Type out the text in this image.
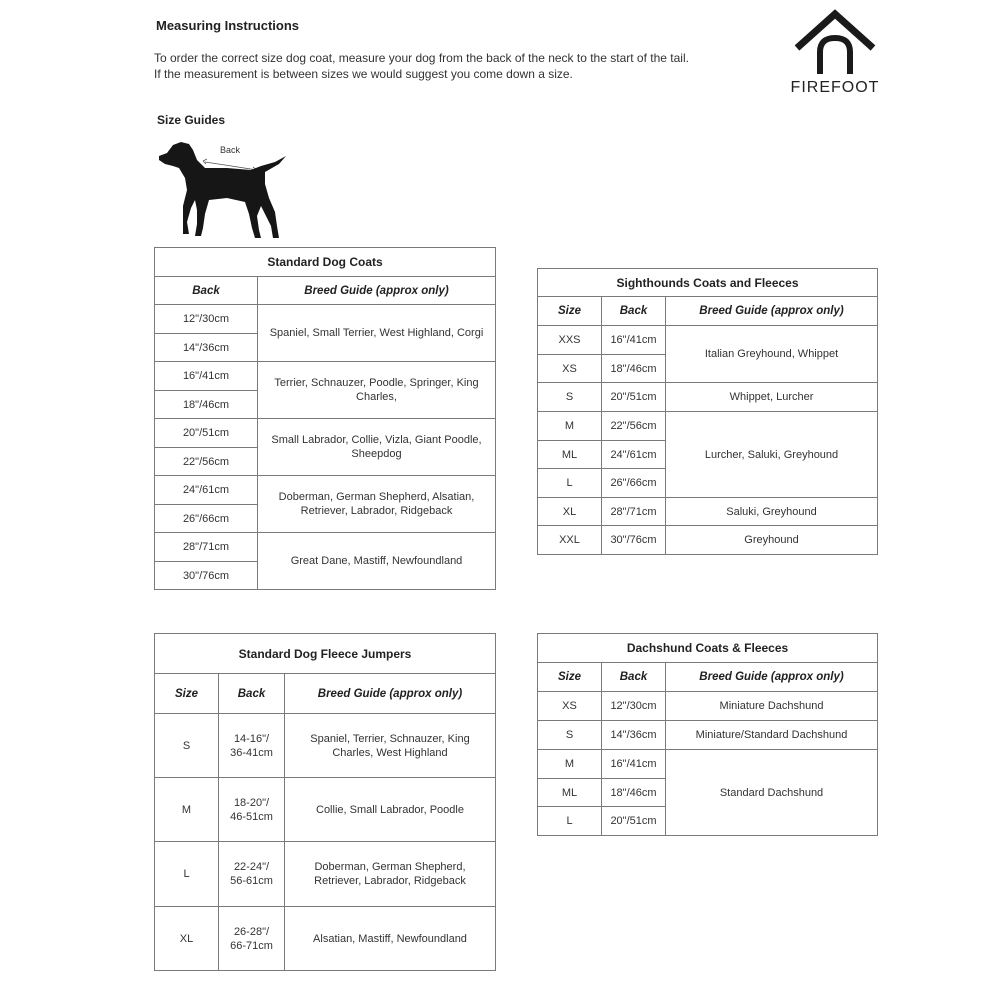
Measuring Instructions
To order the correct size dog coat, measure your dog from the back of the neck to the start of the tail.
If the measurement is between sizes we would suggest you come down a size.
FIREFOOT
Size Guides
Back
Standard Dog Coats	
Back	Breed Guide (approx only)
12"/30cm	Spaniel, Small Terrier, West Highland, Corgi
14"/36cm	
16"/41cm	Terrier, Schnauzer, Poodle, Springer, King Charles,
18"/46cm	
20"/51cm	Small Labrador, Collie, Vizla, Giant Poodle, Sheepdog
22"/56cm	
24"/61cm	Doberman, German Shepherd, Alsatian, Retriever, Labrador, Ridgeback
26"/66cm	
28"/71cm	Great Dane, Mastiff, Newfoundland
30"/76cm	
Sighthounds Coats and Fleeces		
Size	Back	Breed Guide (approx only)
XXS	16"/41cm	Italian Greyhound, Whippet
XS	18"/46cm	
S	20"/51cm	Whippet, Lurcher
M	22"/56cm	Lurcher, Saluki, Greyhound
ML	24"/61cm	
L	26"/66cm	
XL	28"/71cm	Saluki, Greyhound
XXL	30"/76cm	Greyhound
Standard Dog Fleece Jumpers		
Size	Back	Breed Guide (approx only)
S	14-16"/ 36-41cm	Spaniel, Terrier, Schnauzer, King Charles, West Highland
M	18-20"/ 46-51cm	Collie, Small Labrador, Poodle
L	22-24"/ 56-61cm	Doberman, German Shepherd, Retriever, Labrador, Ridgeback
XL	26-28"/ 66-71cm	Alsatian, Mastiff, Newfoundland
Dachshund Coats & Fleeces		
Size	Back	Breed Guide (approx only)
XS	12"/30cm	Miniature Dachshund
S	14"/36cm	Miniature/Standard Dachshund
M	16"/41cm	Standard Dachshund
ML	18"/46cm	
L	20"/51cm	
